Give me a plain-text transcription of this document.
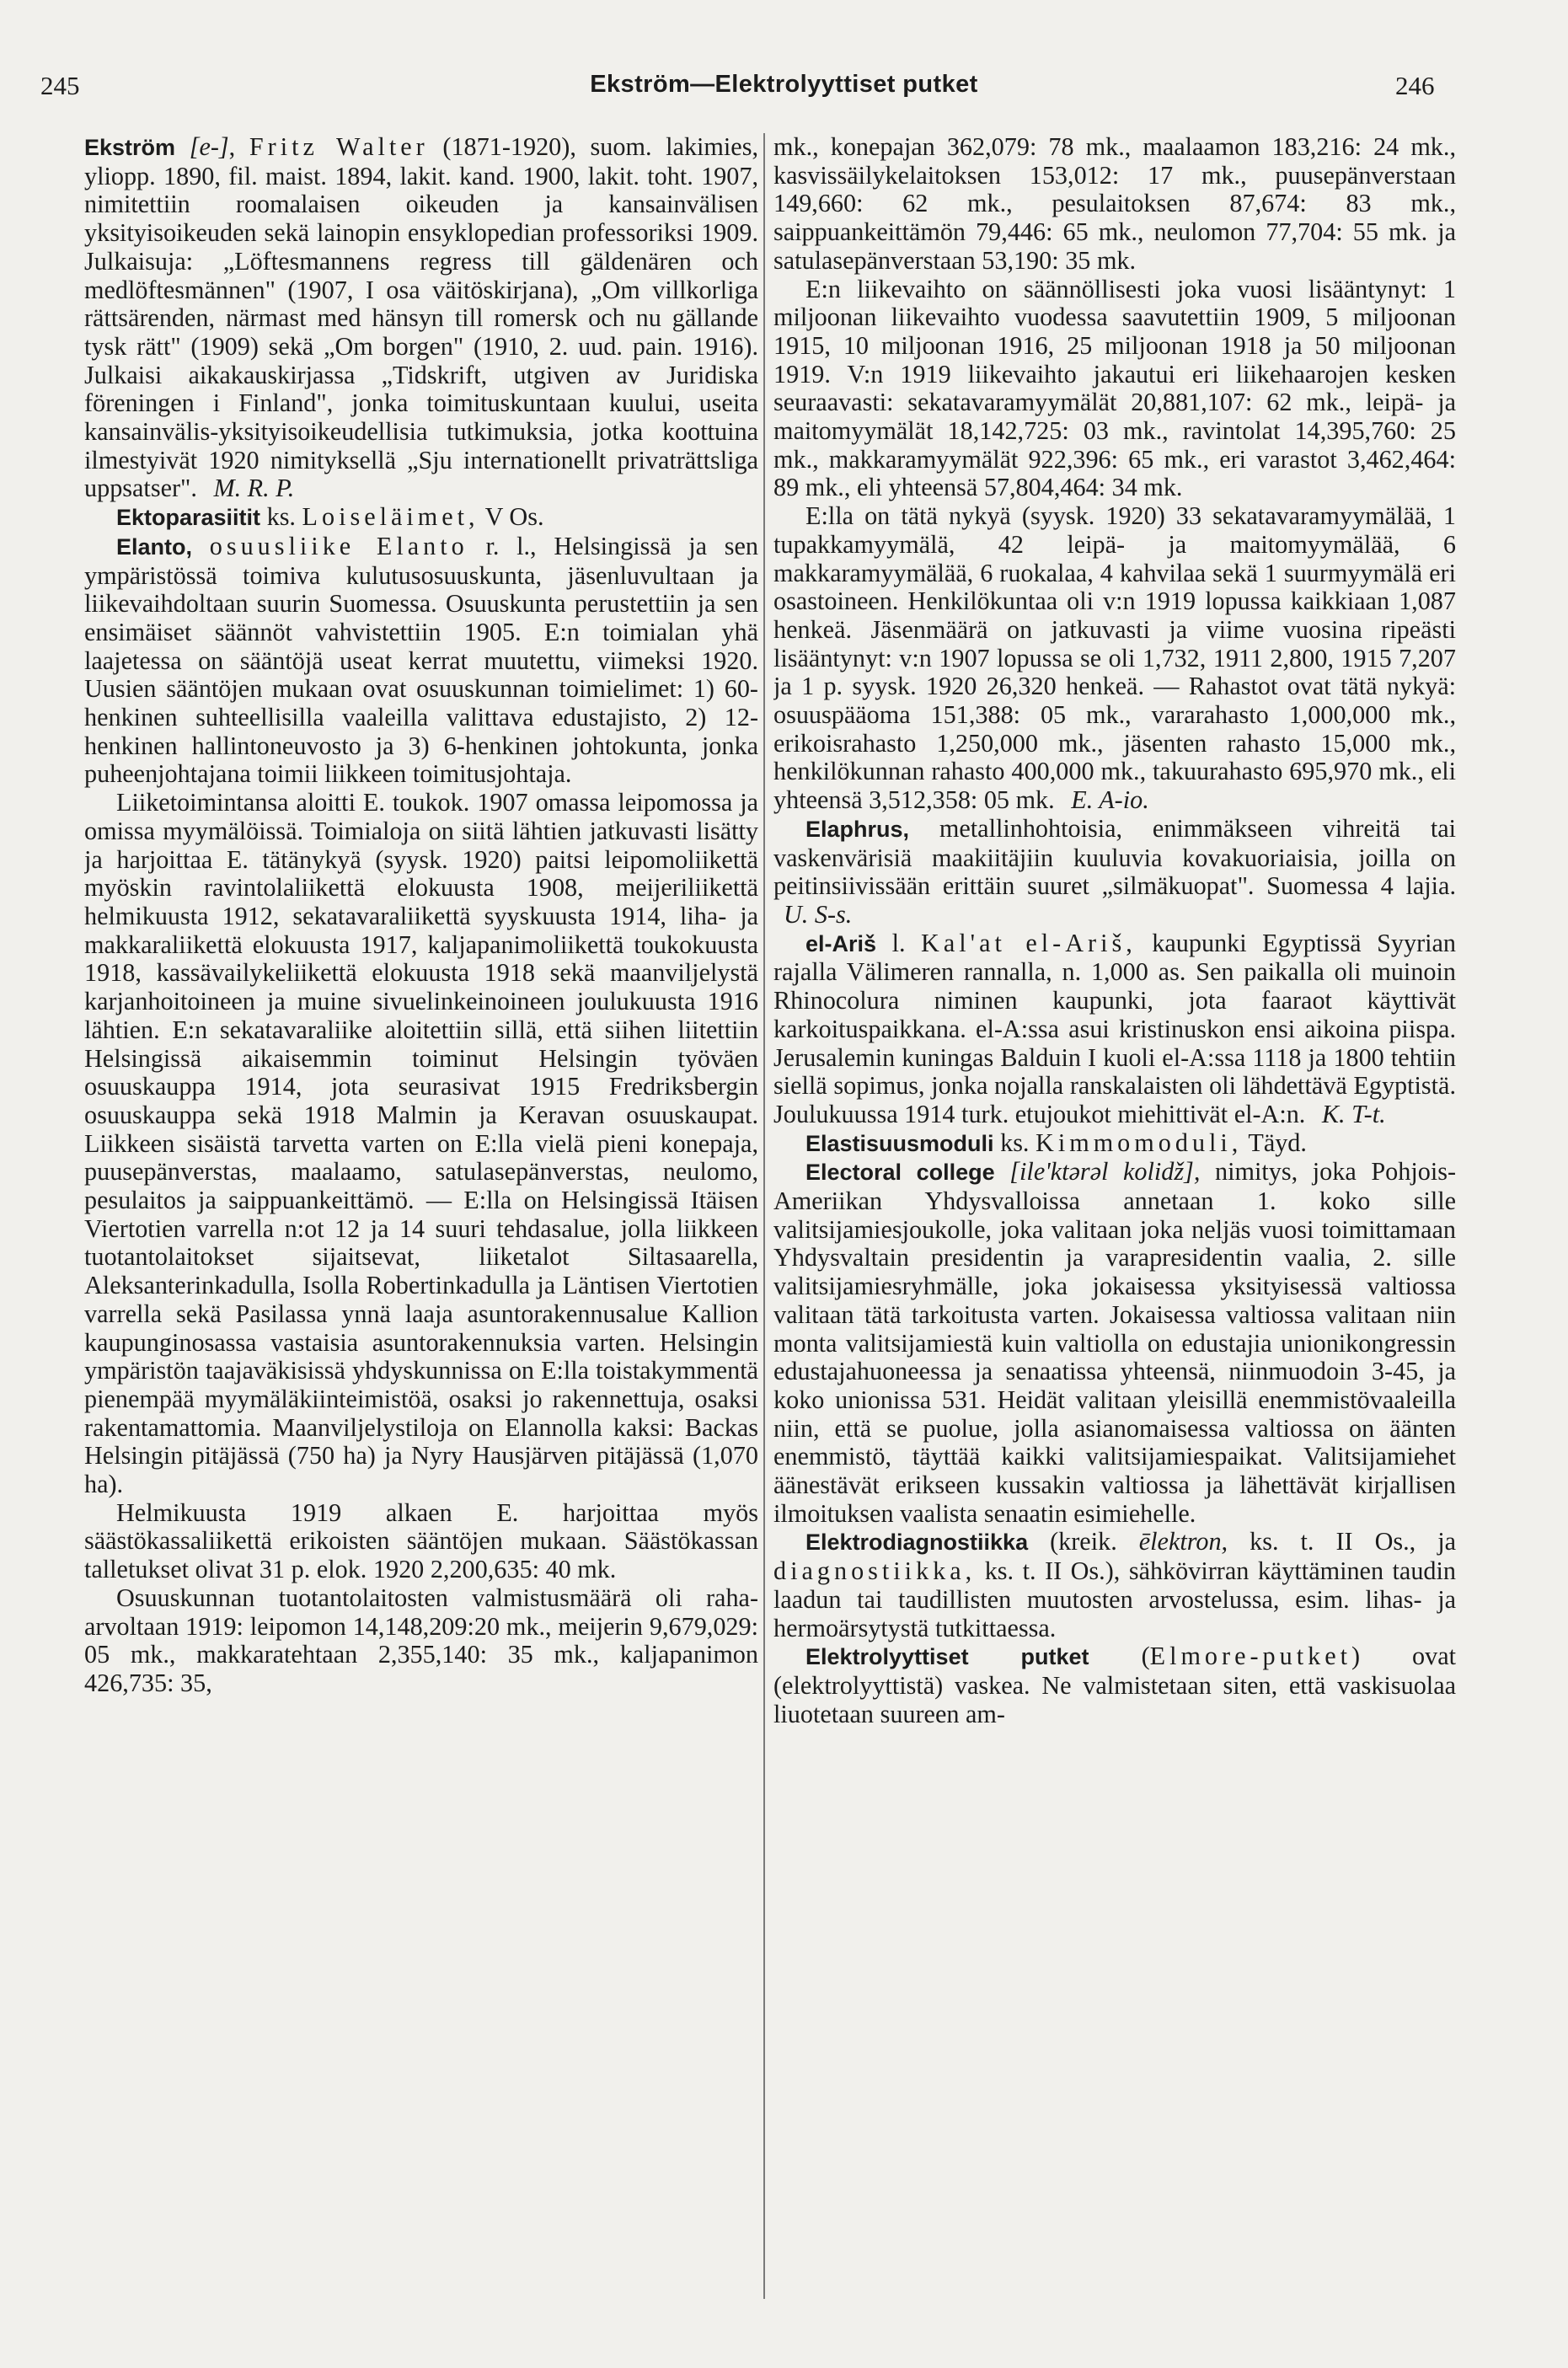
245	Ekström—Elektrolyyttiset putket	246

Ekström [e-], Fritz Walter (1871-1920), suom. lakimies, yliopp. 1890, fil. maist. 1894, lakit. kand. 1900, lakit. toht. 1907, nimitettiin roomalaisen oikeuden ja kansainvälisen yksityisoikeuden sekä lainopin ensyklopedian professoriksi 1909. Julkaisuja: „Löftesmannens regress till gäldenären och medlöftesmännen" (1907, I osa väitöskirjana), „Om villkorliga rättsärenden, närmast med hänsyn till romersk och nu gällande tysk rätt" (1909) sekä „Om borgen" (1910, 2. uud. pain. 1916). Julkaisi aikakauskirjassa „Tidskrift, utgiven av Juridiska föreningen i Finland", jonka toimituskuntaan kuului, useita kansainvälis-yksityisoikeudellisia tutkimuksia, jotka koottuina ilmestyivät 1920 nimityksellä „Sju internationellt privaträttsliga uppsatser". M. R. P.

Ektoparasiitit ks. Loiseläimet, V Os.

Elanto, osuusliike Elanto r. l., Helsingissä ja sen ympäristössä toimiva kulutusosuuskunta, jäsenluvultaan ja liikevaihdoltaan suurin Suomessa. Osuuskunta perustettiin ja sen ensimäiset säännöt vahvistettiin 1905. E:n toimialan yhä laajetessa on sääntöjä useat kerrat muutettu, viimeksi 1920. Uusien sääntöjen mukaan ovat osuuskunnan toimielimet: 1) 60-henkinen suhteellisilla vaaleilla valittava edustajisto, 2) 12-henkinen hallintoneuvosto ja 3) 6-henkinen johtokunta, jonka puheenjohtajana toimii liikkeen toimitusjohtaja.

Liiketoimintansa aloitti E. toukok. 1907 omassa leipomossa ja omissa myymälöissä. Toimialoja on siitä lähtien jatkuvasti lisätty ja harjoittaa E. tätänykyä (syysk. 1920) paitsi leipomoliikettä myöskin ravintolaliikettä elokuusta 1908, meijeriliikettä helmikuusta 1912, sekatavaraliikettä syyskuusta 1914, liha- ja makkaraliikettä elokuusta 1917, kaljapanimoliikettä toukokuusta 1918, kassävailykeliikettä elokuusta 1918 sekä maanviljelystä karjanhoitoineen ja muine sivuelinkeinoineen joulukuusta 1916 lähtien. E:n sekatavaraliike aloitettiin sillä, että siihen liitettiin Helsingissä aikaisemmin toiminut Helsingin työväen osuuskauppa 1914, jota seurasivat 1915 Fredriksbergin osuuskauppa sekä 1918 Malmin ja Keravan osuuskaupat. Liikkeen sisäistä tarvetta varten on E:lla vielä pieni konepaja, puusepänverstas, maalaamo, satulasepänverstas, neulomo, pesulaitos ja saippuankeittämö. — E:lla on Helsingissä Itäisen Viertotien varrella n:ot 12 ja 14 suuri tehdasalue, jolla liikkeen tuotantolaitokset sijaitsevat, liiketalot Siltasaarella, Aleksanterinkadulla, Isolla Robertinkadulla ja Läntisen Viertotien varrella sekä Pasilassa ynnä laaja asuntorakennusalue Kallion kaupunginosassa vastaisia asuntorakennuksia varten. Helsingin ympäristön taajaväkisissä yhdyskunnissa on E:lla toistakymmentä pienempää myymäläkiinteimistöä, osaksi jo rakennettuja, osaksi rakentamattomia. Maanviljelystiloja on Elannolla kaksi: Backas Helsingin pitäjässä (750 ha) ja Nyry Hausjärven pitäjässä (1,070 ha).

Helmikuusta 1919 alkaen E. harjoittaa myös säästökassaliikettä erikoisten sääntöjen mukaan. Säästökassan talletukset olivat 31 p. elok. 1920 2,200,635: 40 mk.

Osuuskunnan tuotantolaitosten valmistusmäärä oli raha-arvoltaan 1919: leipomon 14,148,209:20 mk., meijerin 9,679,029: 05 mk., makkaratehtaan 2,355,140: 35 mk., kaljapanimon 426,735: 35,

mk., konepajan 362,079: 78 mk., maalaamon 183,216: 24 mk., kasvissäilykelaitoksen 153,012: 17 mk., puusepänverstaan 149,660: 62 mk., pesulaitoksen 87,674: 83 mk., saippuankeittämön 79,446: 65 mk., neulomon 77,704: 55 mk. ja satulasepänverstaan 53,190: 35 mk.

E:n liikevaihto on säännöllisesti joka vuosi lisääntynyt: 1 miljoonan liikevaihto vuodessa saavutettiin 1909, 5 miljoonan 1915, 10 miljoonan 1916, 25 miljoonan 1918 ja 50 miljoonan 1919. V:n 1919 liikevaihto jakautui eri liikehaarojen kesken seuraavasti: sekatavaramyymälät 20,881,107: 62 mk., leipä- ja maitomyymälät 18,142,725: 03 mk., ravintolat 14,395,760: 25 mk., makkaramyymälät 922,396: 65 mk., eri varastot 3,462,464: 89 mk., eli yhteensä 57,804,464: 34 mk.

E:lla on tätä nykyä (syysk. 1920) 33 sekatavaramyymälää, 1 tupakkamyymälä, 42 leipä- ja maitomyymälää, 6 makkaramyymälää, 6 ruokalaa, 4 kahvilaa sekä 1 suurmyymälä eri osastoineen. Henkilökuntaa oli v:n 1919 lopussa kaikkiaan 1,087 henkeä. Jäsenmäärä on jatkuvasti ja viime vuosina ripeästi lisääntynyt: v:n 1907 lopussa se oli 1,732, 1911 2,800, 1915 7,207 ja 1 p. syysk. 1920 26,320 henkeä. — Rahastot ovat tätä nykyä: osuuspääoma 151,388: 05 mk., vararahasto 1,000,000 mk., erikoisrahasto 1,250,000 mk., jäsenten rahasto 15,000 mk., henkilökunnan rahasto 400,000 mk., takuurahasto 695,970 mk., eli yhteensä 3,512,358: 05 mk. E. A-io.

Elaphrus, metallinhohtoisia, enimmäkseen vihreitä tai vaskenvärisiä maakiitäjiin kuuluvia kovakuoriaisia, joilla on peitinsiivissään erittäin suuret „silmäkuopat". Suomessa 4 lajia. U. S-s.

el-Ariš l. Kal'at el-Ariš, kaupunki Egyptissä Syyrian rajalla Välimeren rannalla, n. 1,000 as. Sen paikalla oli muinoin Rhinocolura niminen kaupunki, jota faaraot käyttivät karkoituspaikkana. el-A:ssa asui kristinuskon ensi aikoina piispa. Jerusalemin kuningas Balduin I kuoli el-A:ssa 1118 ja 1800 tehtiin siellä sopimus, jonka nojalla ranskalaisten oli lähdettävä Egyptistä. Joulukuussa 1914 turk. etujoukot miehittivät el-A:n. K. T-t.

Elastisuusmoduli ks. Kimmomoduli, Täyd.

Electoral college [ile'ktərəl kolidž], nimitys, joka Pohjois-Ameriikan Yhdysvalloissa annetaan 1. koko sille valitsijamiesjoukolle, joka valitaan joka neljäs vuosi toimittamaan Yhdysvaltain presidentin ja varapresidentin vaalia, 2. sille valitsijamiesryhmälle, joka jokaisessa yksityisessä valtiossa valitaan tätä tarkoitusta varten. Jokaisessa valtiossa valitaan niin monta valitsijamiestä kuin valtiolla on edustajia unionikongressin edustajahuoneessa ja senaatissa yhteensä, niinmuodoin 3-45, ja koko unionissa 531. Heidät valitaan yleisillä enemmistövaaleilla niin, että se puolue, jolla asianomaisessa valtiossa on äänten enemmistö, täyttää kaikki valitsijamiespaikat. Valitsijamiehet äänestävät erikseen kussakin valtiossa ja lähettävät kirjallisen ilmoituksen vaalista senaatin esimiehelle.

Elektrodiagnostiikka (kreik. ēlektron, ks. t. II Os., ja diagnostiikka, ks. t. II Os.), sähkövirran käyttäminen taudin laadun tai taudillisten muutosten arvostelussa, esim. lihas- ja hermoärsytystä tutkittaessa.

Elektrolyyttiset putket (Elmore-putket) ovat (elektrolyyttistä) vaskea. Ne valmistetaan siten, että vaskisuolaa liuotetaan suureen am-
